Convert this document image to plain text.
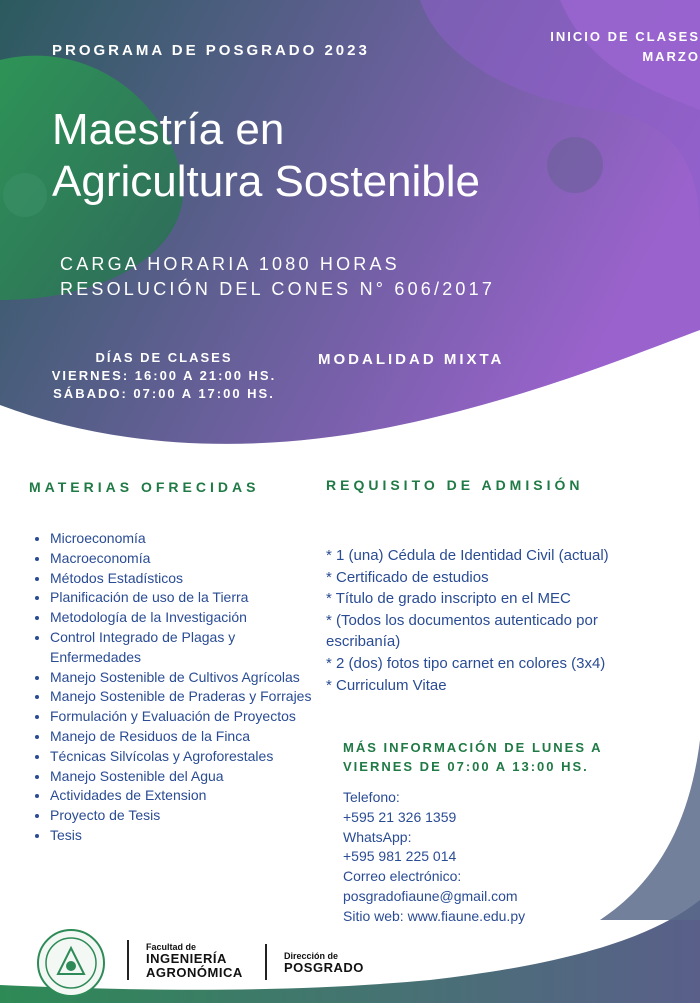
PROGRAMA DE POSGRADO 2023
INICIO DE CLASES
MARZO
Maestría en
Agricultura Sostenible
CARGA HORARIA 1080 HORAS
RESOLUCIÓN DEL CONES N° 606/2017
DÍAS DE CLASES
VIERNES: 16:00 A 21:00 HS.
SÁBADO: 07:00 A 17:00 HS.
MODALIDAD MIXTA
MATERIAS OFRECIDAS
• Microeconomía
• Macroeconomía
• Métodos Estadísticos
• Planificación de uso de la Tierra
• Metodología de la Investigación
• Control Integrado de Plagas y Enfermedades
• Manejo Sostenible de Cultivos Agrícolas
• Manejo Sostenible de Praderas y Forrajes
• Formulación y Evaluación de Proyectos
• Manejo de Residuos de la Finca
• Técnicas Silvícolas y Agroforestales
• Manejo Sostenible del Agua
• Actividades de Extension
• Proyecto de Tesis
• Tesis
REQUISITO DE ADMISIÓN
* 1 (una) Cédula de Identidad Civil (actual)
* Certificado de estudios
* Título de grado inscripto en el MEC
* (Todos los documentos autenticado por escribanía)
* 2 (dos) fotos tipo carnet en colores (3x4)
* Curriculum Vitae
MÁS INFORMACIÓN DE LUNES A
VIERNES DE 07:00 A 13:00 HS.
Telefono:
+595 21 326 1359
WhatsApp:
+595 981 225 014
Correo electrónico:
posgradofiaune@gmail.com
Sitio web: www.fiaune.edu.py
Facultad de
INGENIERÍA
AGRONÓMICA
Dirección de
POSGRADO
